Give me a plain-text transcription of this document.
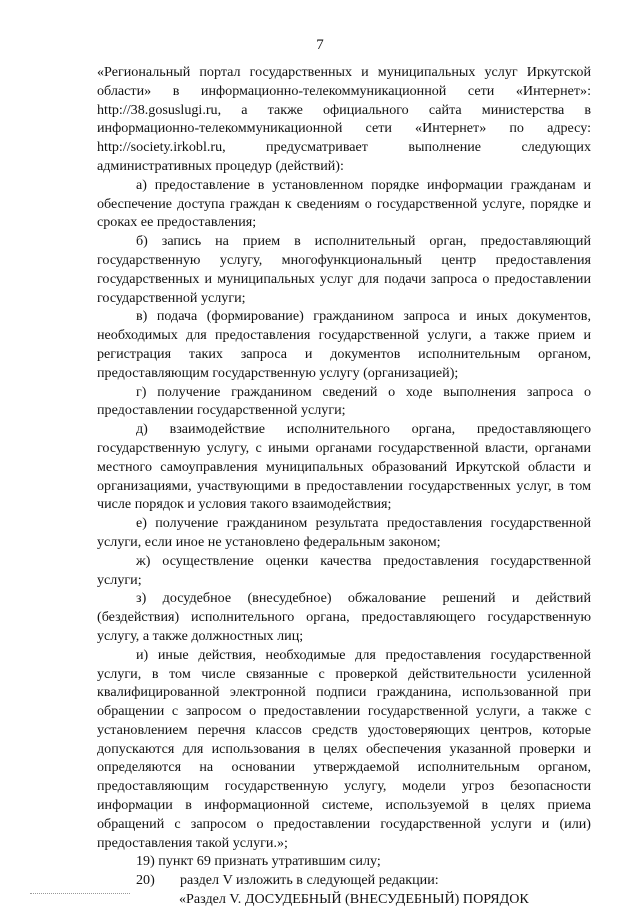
7

«Региональный портал государственных и муниципальных услуг Иркутской области» в информационно-телекоммуникационной сети «Интернет»: http://38.gosuslugi.ru, а также официального сайта министерства в информационно-телекоммуникационной сети «Интернет» по адресу: http://society.irkobl.ru, предусматривает выполнение следующих административных процедур (действий):

а) предоставление в установленном порядке информации гражданам и обеспечение доступа граждан к сведениям о государственной услуге, порядке и сроках ее предоставления;

б) запись на прием в исполнительный орган, предоставляющий государственную услугу, многофункциональный центр предоставления государственных и муниципальных услуг для подачи запроса о предоставлении государственной услуги;

в) подача (формирование) гражданином запроса и иных документов, необходимых для предоставления государственной услуги, а также прием и регистрация таких запроса и документов исполнительным органом, предоставляющим государственную услугу (организацией);

г) получение гражданином сведений о ходе выполнения запроса о предоставлении государственной услуги;

д) взаимодействие исполнительного органа, предоставляющего государственную услугу, с иными органами государственной власти, органами местного самоуправления муниципальных образований Иркутской области и организациями, участвующими в предоставлении государственных услуг, в том числе порядок и условия такого взаимодействия;

е) получение гражданином результата предоставления государственной услуги, если иное не установлено федеральным законом;

ж) осуществление оценки качества предоставления государственной услуги;

з) досудебное (внесудебное) обжалование решений и действий (бездействия) исполнительного органа, предоставляющего государственную услугу, а также должностных лиц;

и) иные действия, необходимые для предоставления государственной услуги, в том числе связанные с проверкой действительности усиленной квалифицированной электронной подписи гражданина, использованной при обращении с запросом о предоставлении государственной услуги, а также с установлением перечня классов средств удостоверяющих центров, которые допускаются для использования в целях обеспечения указанной проверки и определяются на основании утверждаемой исполнительным органом, предоставляющим государственную услугу, модели угроз безопасности информации в информационной системе, используемой в целях приема обращений с запросом о предоставлении государственной услуги и (или) предоставления такой услуги.»;

19) пункт 69 признать утратившим силу;

20) раздел V изложить в следующей редакции:

«Раздел V. ДОСУДЕБНЫЙ (ВНЕСУДЕБНЫЙ) ПОРЯДОК
